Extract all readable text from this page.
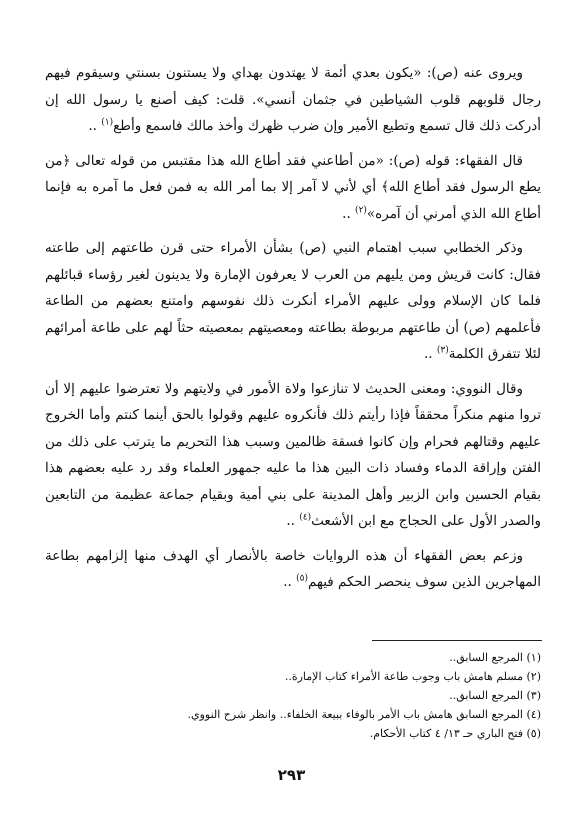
ويروى عنه (ص): «يكون بعدي أئمة لا يهتدون بهداي ولا يستنون بسنتي وسيقوم فيهم رجال قلوبهم قلوب الشياطين في جثمان أنسي». قلت: كيف أصنع يا رسول الله إن أدركت ذلك قال تسمع وتطيع الأمير وإن ضرب ظهرك وأخذ مالك فاسمع وأطع$^{(١)}$ ..

قال الفقهاء: قوله (ص): «من أطاعني فقد أطاع الله هذا مقتبس من قوله تعالى ﴿من يطع الرسول فقد أطاع الله﴾ أي لأني لا آمر إلا بما أمر الله به فمن فعل ما آمره به فإنما أطاع الله الذي أمرني أن آمره»$^{(٢)}$ ..

وذكر الخطابي سبب اهتمام النبي (ص) بشأن الأمراء حتى قرن طاعتهم إلى طاعته فقال: كانت قريش ومن يليهم من العرب لا يعرفون الإمارة ولا يدينون لغير رؤساء قبائلهم فلما كان الإسلام وولى عليهم الأمراء أنكرت ذلك نفوسهم وامتنع بعضهم من الطاعة فأعلمهم (ص) أن طاعتهم مربوطة بطاعته ومعصيتهم بمعصيته حثاً لهم على طاعة أمرائهم لئلا تتفرق الكلمة$^{(٣)}$ ..

وقال النووي: ومعنى الحديث لا تنازعوا ولاة الأمور في ولايتهم ولا تعترضوا عليهم إلا أن تروا منهم منكراً محققاً فإذا رأيتم ذلك فأنكروه عليهم وقولوا بالحق أينما كنتم وأما الخروج عليهم وقتالهم فحرام وإن كانوا فسقة ظالمين وسبب هذا التحريم ما يترتب على ذلك من الفتن وإراقة الدماء وفساد ذات البين هذا ما عليه جمهور العلماء وقد رد عليه بعضهم هذا بقيام الحسين وابن الزبير وأهل المدينة على بني أمية وبقيام جماعة عظيمة من التابعين والصدر الأول على الحجاج مع ابن الأشعث$^{(٤)}$ ..

وزعم بعض الفقهاء أن هذه الروايات خاصة بالأنصار أي الهدف منها إلزامهم بطاعة المهاجرين الذين سوف ينحصر الحكم فيهم$^{(٥)}$ ..

(١) المرجع السابق..
(٢) مسلم هامش باب وجوب طاعة الأمراء كتاب الإمارة..
(٣) المرجع السابق..
(٤) المرجع السابق هامش باب الأمر بالوفاء ببيعة الخلفاء.. وانظر شرح النووي.
(٥) فتح الباري حـ ١٣/ ٤ كتاب الأحكام.
٢٩٣
